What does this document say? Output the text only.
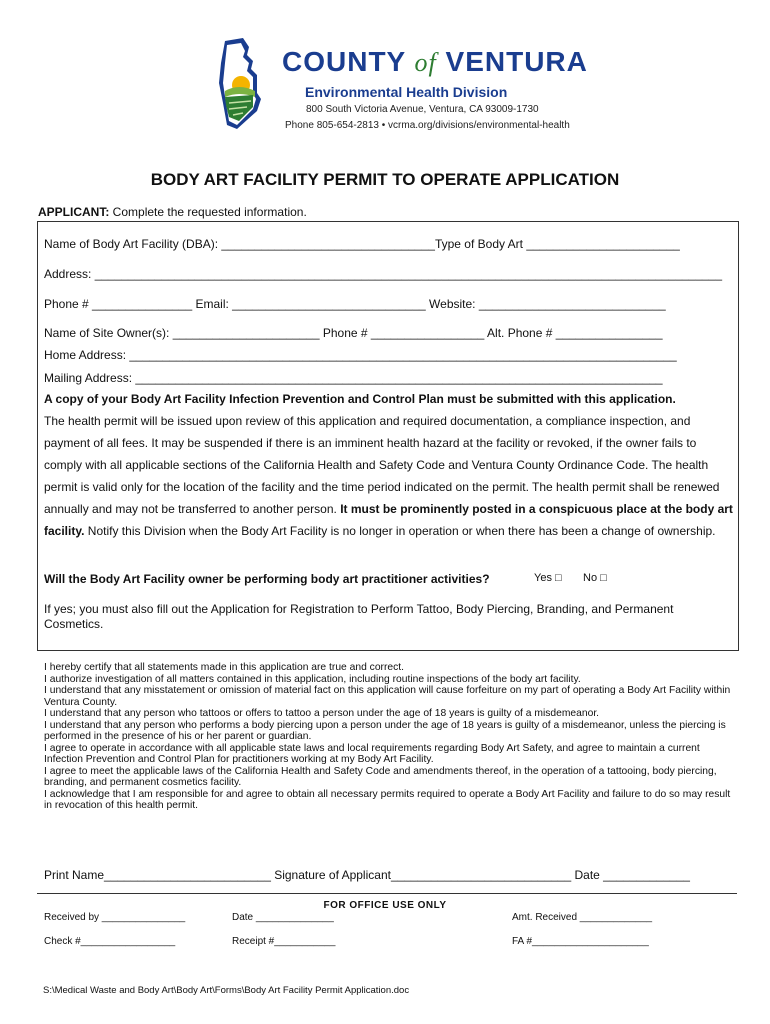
COUNTY of VENTURA
Environmental Health Division
800 South Victoria Avenue, Ventura, CA 93009-1730
Phone 805-654-2813 • vcrma.org/divisions/environmental-health
BODY ART FACILITY PERMIT TO OPERATE APPLICATION
APPLICANT: Complete the requested information.
Name of Body Art Facility (DBA): ________________________________Type of Body Art _______________________
Address: ______________________________________________________________________________________________
Phone # _______________ Email: _____________________________ Website: ____________________________
Name of Site Owner(s): ______________________ Phone # _________________ Alt. Phone # ________________
Home Address: __________________________________________________________________________________
Mailing Address: _______________________________________________________________________________
A copy of your Body Art Facility Infection Prevention and Control Plan must be submitted with this application.
The health permit will be issued upon review of this application and required documentation, a compliance inspection, and payment of all fees. It may be suspended if there is an imminent health hazard at the facility or revoked, if the owner fails to comply with all applicable sections of the California Health and Safety Code and Ventura County Ordinance Code. The health permit is valid only for the location of the facility and the time period indicated on the permit. The health permit shall be renewed annually and may not be transferred to another person. It must be prominently posted in a conspicuous place at the body art facility. Notify this Division when the Body Art Facility is no longer in operation or when there has been a change of ownership.
Will the Body Art Facility owner be performing body art practitioner activities?	Yes □ No □
If yes; you must also fill out the Application for Registration to Perform Tattoo, Body Piercing, Branding, and Permanent Cosmetics.

I hereby certify that all statements made in this application are true and correct.

I authorize investigation of all matters contained in this application, including routine inspections of the body art facility.

I understand that any misstatement or omission of material fact on this application will cause forfeiture on my part of operating a Body Art Facility within Ventura County.

I understand that any person who tattoos or offers to tattoo a person under the age of 18 years is guilty of a misdemeanor.

I understand that any person who performs a body piercing upon a person under the age of 18 years is guilty of a misdemeanor, unless the piercing is performed in the presence of his or her parent or guardian.

I agree to operate in accordance with all applicable state laws and local requirements regarding Body Art Safety, and agree to maintain a current Infection Prevention and Control Plan for practitioners working at my Body Art Facility.

I agree to meet the applicable laws of the California Health and Safety Code and amendments thereof, in the operation of a tattooing, body piercing, branding, and permanent cosmetics facility.

I acknowledge that I am responsible for and agree to obtain all necessary permits required to operate a Body Art Facility and failure to do so may result in revocation of this health permit.

Print Name_________________________ Signature of Applicant___________________________ Date _____________
FOR OFFICE USE ONLY
Received by _______________	Date ______________	Amt. Received _____________
Check #_________________	Receipt #___________	FA #_____________________
S:\Medical Waste and Body Art\Body Art\Forms\Body Art Facility Permit Application.doc
